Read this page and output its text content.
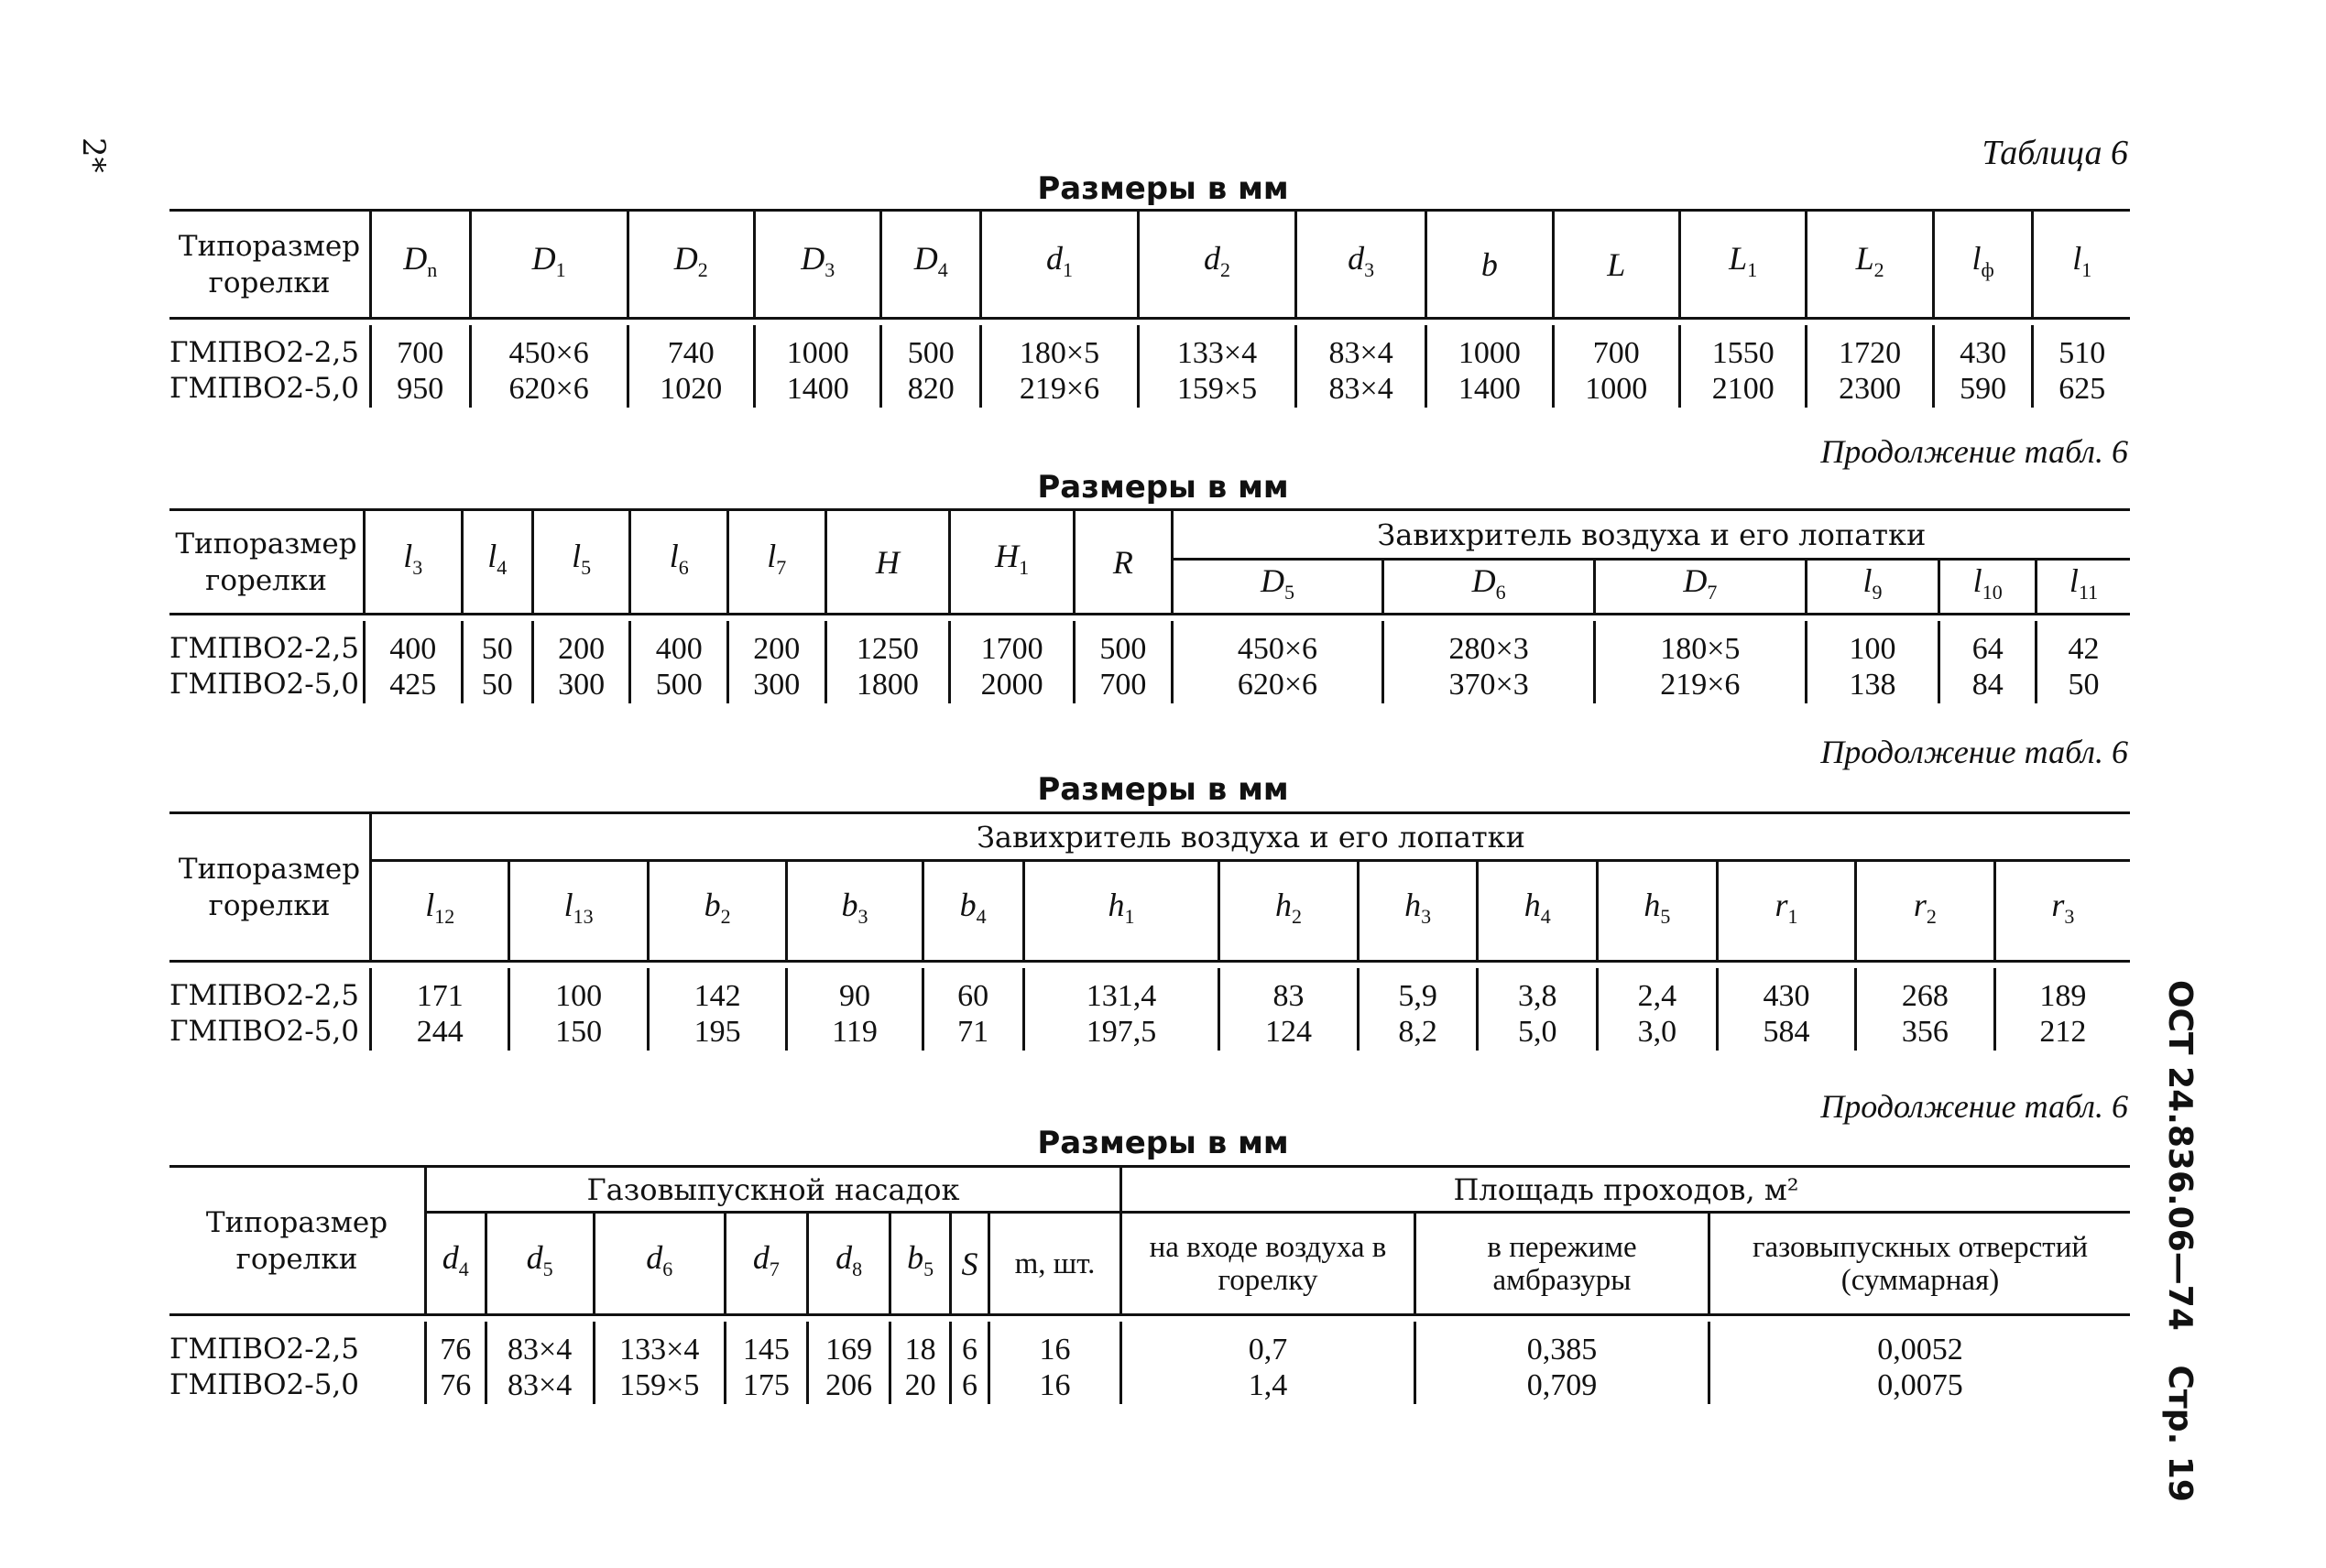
2*	Таблица 6
ОСТ 24.836.06—74   Стр. 19
Размеры в мм
Типоразмер горелки	$D_n$	$D_1$	$D_2$	$D_3$	$D_4$	$d_1$	$d_2$	$d_3$	b	L	$L_1$	$L_2$	$l_ф$	$l_1$

ГМПВО2-2,5	700	450×6	740	1000	500	180×5	133×4	83×4	1000	700	1550	1720	430	510
ГМПВО2-5,0	950	620×6	1020	1400	820	219×6	159×5	83×4	1400	1000	2100	2300	590	625
Продолжение табл. 6
Размеры в мм
Типоразмер горелки	$l_3$	$l_4$	$l_5$	$l_6$	$l_7$	H	$H_1$	R	Завихритель воздуха и его лопатки					
									$D_5$	$D_6$	$D_7$	$l_9$	$l_{10}$	$l_{11}$

ГМПВО2-2,5	400	50	200	400	200	1250	1700	500	450×6	280×3	180×5	100	64	42
ГМПВО2-5,0	425	50	300	500	300	1800	2000	700	620×6	370×3	219×6	138	84	50
Продолжение табл. 6
Размеры в мм
Типоразмер горелки	Завихритель воздуха и его лопатки												
	$l_{12}$	$l_{13}$	$b_2$	$b_3$	$b_4$	$h_1$	$h_2$	$h_3$	$h_4$	$h_5$	$r_1$	$r_2$	$r_3$

ГМПВО2-2,5	171	100	142	90	60	131,4	83	5,9	3,8	2,4	430	268	189
ГМПВО2-5,0	244	150	195	119	71	197,5	124	8,2	5,0	3,0	584	356	212
Продолжение табл. 6
Размеры в мм
Типоразмер горелки	Газовыпускной насадок								Площадь проходов, м²		
	$d_4$	$d_5$	$d_6$	$d_7$	$d_8$	$b_5$	S	m, шт.	на входе воздуха в горелку	в пережиме амбразуры	газовыпускных отверстий (суммарная)

ГМПВО2-2,5	76	83×4	133×4	145	169	18	6	16	0,7	0,385	0,0052
ГМПВО2-5,0	76	83×4	159×5	175	206	20	6	16	1,4	0,709	0,0075
